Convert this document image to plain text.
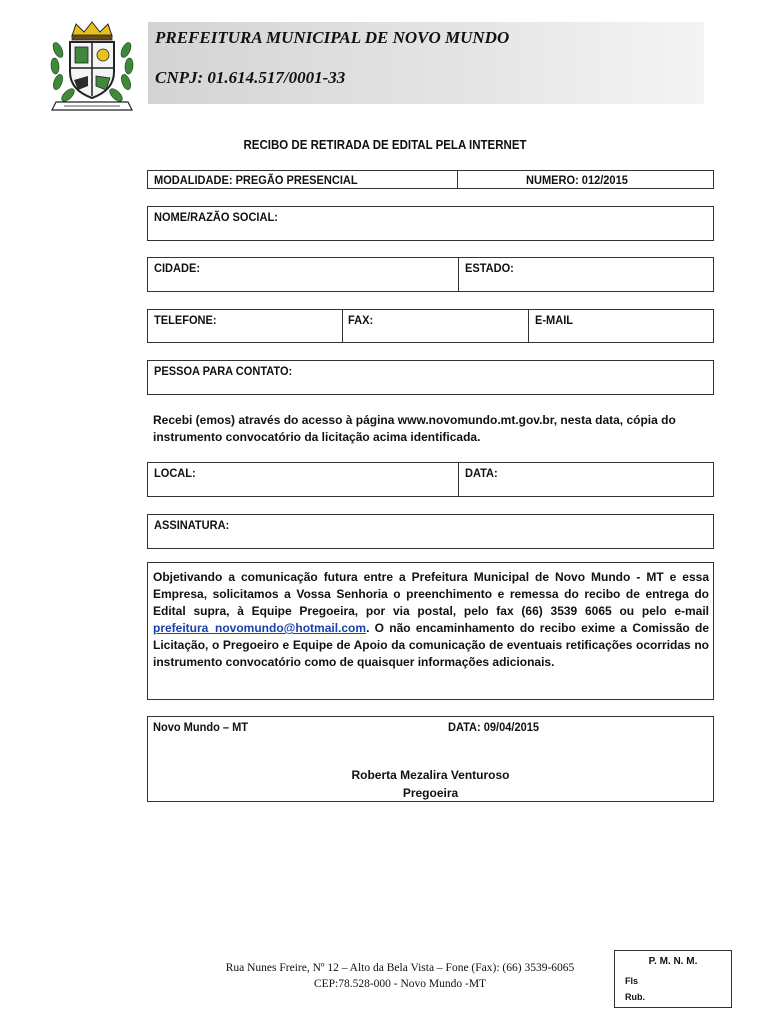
PREFEITURA MUNICIPAL DE NOVO MUNDO
CNPJ: 01.614.517/0001-33
RECIBO DE RETIRADA DE EDITAL PELA INTERNET
MODALIDADE: PREGÃO PRESENCIAL	NUMERO: 012/2015
NOME/RAZÃO SOCIAL:
CIDADE:	ESTADO:
TELEFONE:	FAX:	E-MAIL
PESSOA PARA CONTATO:
Recebi (emos) através do acesso à página www.novomundo.mt.gov.br, nesta data, cópia do instrumento convocatório da licitação acima identificada.
LOCAL:	DATA:
ASSINATURA:
Objetivando a comunicação futura entre a Prefeitura Municipal de Novo Mundo - MT e essa Empresa, solicitamos a Vossa Senhoria o preenchimento e remessa do recibo de entrega do Edital supra, à Equipe Pregoeira, por via postal, pelo fax (66) 3539 6065 ou pelo e-mail prefeitura_novomundo@hotmail.com. O não encaminhamento do recibo exime a Comissão de Licitação, o Pregoeiro e Equipe de Apoio da comunicação de eventuais retificações ocorridas no instrumento convocatório como de quaisquer informações adicionais.
Novo Mundo – MT	DATA: 09/04/2015
Roberta Mezalira Venturoso
Pregoeira
Rua Nunes Freire, Nº 12 – Alto da Bela Vista – Fone (Fax): (66) 3539-6065
CEP:78.528-000 - Novo Mundo -MT
P. M. N. M.
Fls
Rub.
